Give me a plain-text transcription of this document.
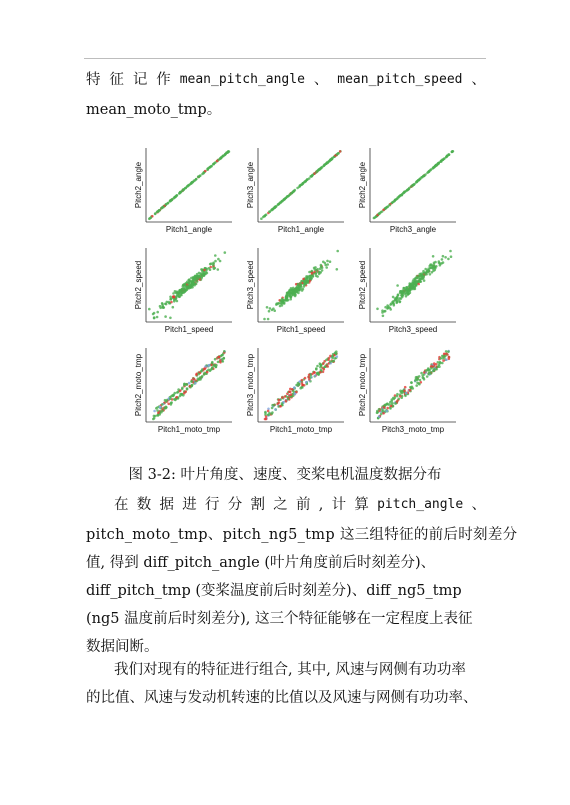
特 征 记 作 mean_pitch_angle 、 mean_pitch_speed 、
mean_moto_tmp。
Pitch1_angle
Pitch2_angle
Pitch1_angle
Pitch3_angle
Pitch3_angle
Pitch2_angle
Pitch1_speed
Pitch2_speed
Pitch1_speed
Pitch3_speed
Pitch3_speed
Pitch2_speed
Pitch1_moto_tmp
Pitch2_moto_tmp
Pitch1_moto_tmp
Pitch3_moto_tmp
Pitch3_moto_tmp
Pitch2_moto_tmp
图 3-2: 叶片角度、速度、变桨电机温度数据分布
在 数 据 进 行 分 割 之 前 , 计 算 pitch_angle 、
pitch_moto_tmp、pitch_ng5_tmp 这三组特征的前后时刻差分
值, 得到 diff_pitch_angle (叶片角度前后时刻差分)、
diff_pitch_tmp (变桨温度前后时刻差分)、diff_ng5_tmp
(ng5 温度前后时刻差分), 这三个特征能够在一定程度上表征
数据间断。
我们对现有的特征进行组合, 其中, 风速与网侧有功功率
的比值、风速与发动机转速的比值以及风速与网侧有功功率、
